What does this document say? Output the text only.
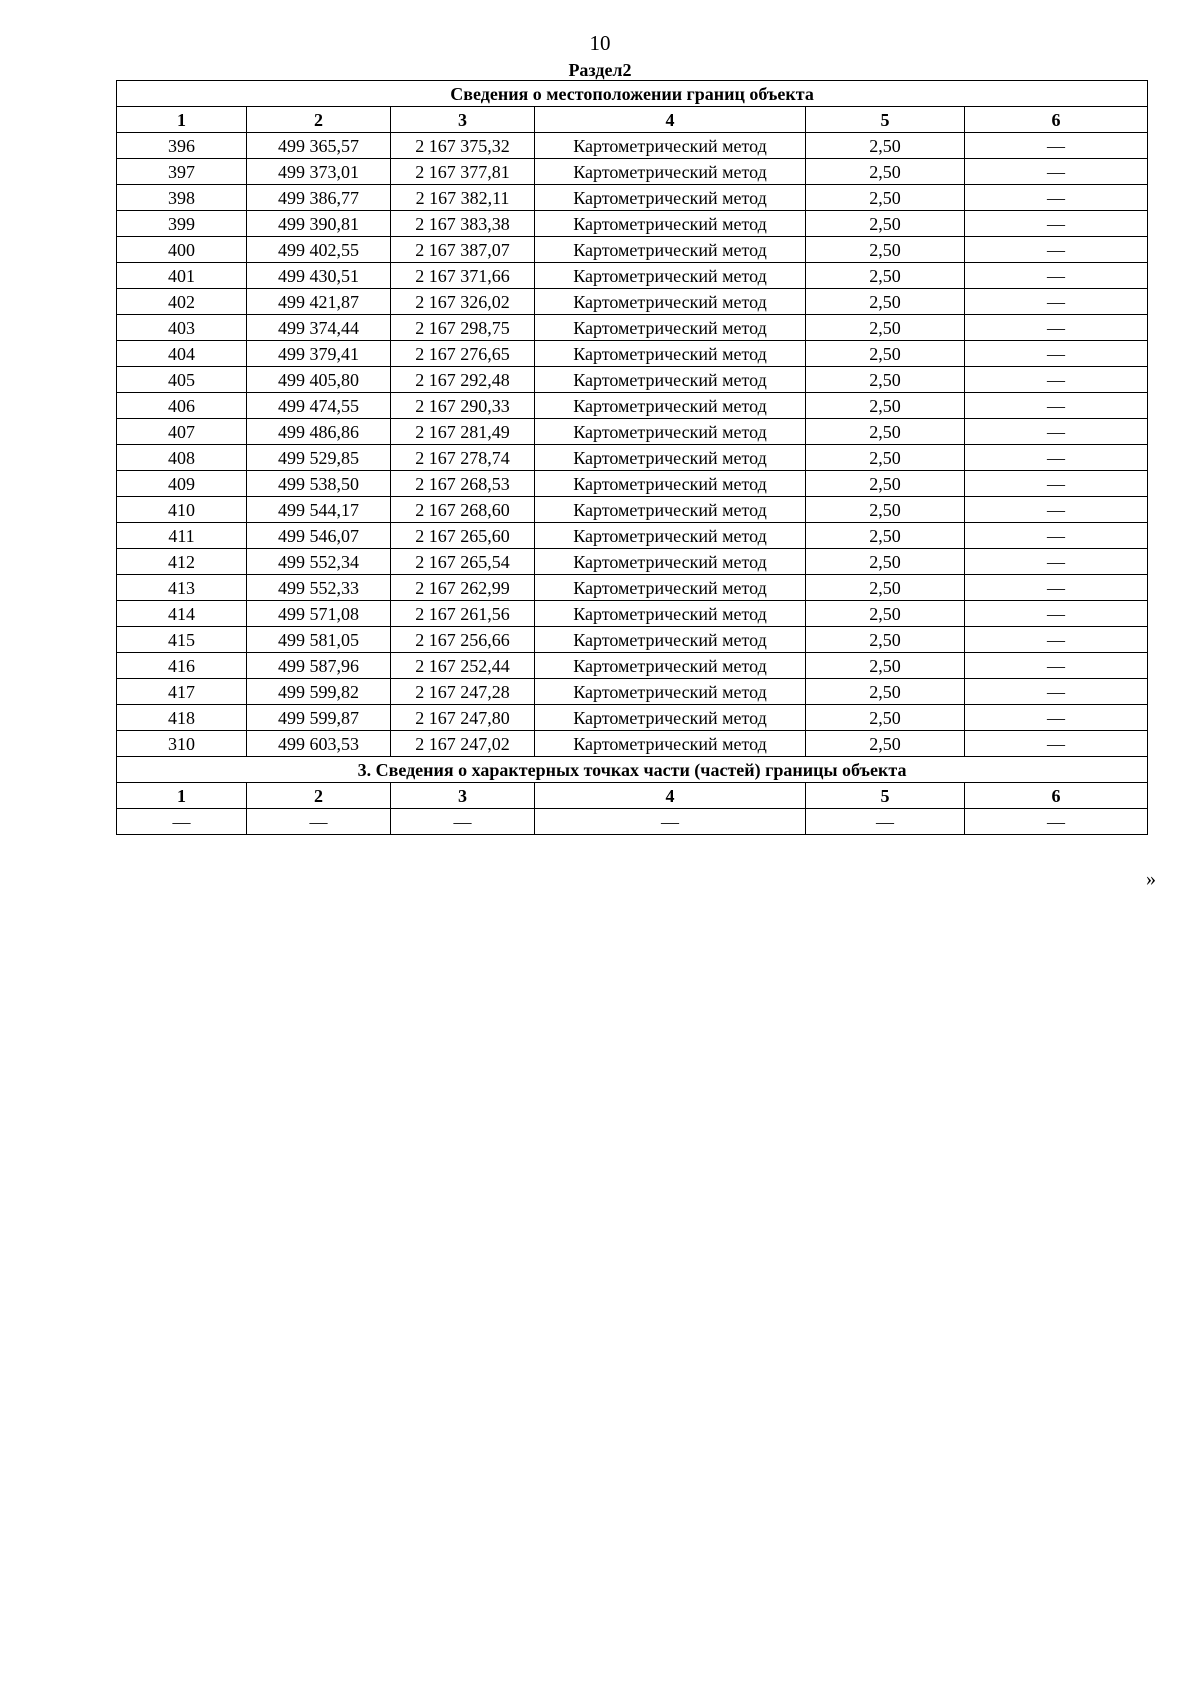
10
Раздел2
Сведения о местоположении границ объекта					
1	2	3	4	5	6
396	499 365,57	2 167 375,32	Картометрический метод	2,50	—
397	499 373,01	2 167 377,81	Картометрический метод	2,50	—
398	499 386,77	2 167 382,11	Картометрический метод	2,50	—
399	499 390,81	2 167 383,38	Картометрический метод	2,50	—
400	499 402,55	2 167 387,07	Картометрический метод	2,50	—
401	499 430,51	2 167 371,66	Картометрический метод	2,50	—
402	499 421,87	2 167 326,02	Картометрический метод	2,50	—
403	499 374,44	2 167 298,75	Картометрический метод	2,50	—
404	499 379,41	2 167 276,65	Картометрический метод	2,50	—
405	499 405,80	2 167 292,48	Картометрический метод	2,50	—
406	499 474,55	2 167 290,33	Картометрический метод	2,50	—
407	499 486,86	2 167 281,49	Картометрический метод	2,50	—
408	499 529,85	2 167 278,74	Картометрический метод	2,50	—
409	499 538,50	2 167 268,53	Картометрический метод	2,50	—
410	499 544,17	2 167 268,60	Картометрический метод	2,50	—
411	499 546,07	2 167 265,60	Картометрический метод	2,50	—
412	499 552,34	2 167 265,54	Картометрический метод	2,50	—
413	499 552,33	2 167 262,99	Картометрический метод	2,50	—
414	499 571,08	2 167 261,56	Картометрический метод	2,50	—
415	499 581,05	2 167 256,66	Картометрический метод	2,50	—
416	499 587,96	2 167 252,44	Картометрический метод	2,50	—
417	499 599,82	2 167 247,28	Картометрический метод	2,50	—
418	499 599,87	2 167 247,80	Картометрический метод	2,50	—
310	499 603,53	2 167 247,02	Картометрический метод	2,50	—
3. Сведения о характерных точках части (частей) границы объекта					
1	2	3	4	5	6
—	—	—	—	—	—
»
